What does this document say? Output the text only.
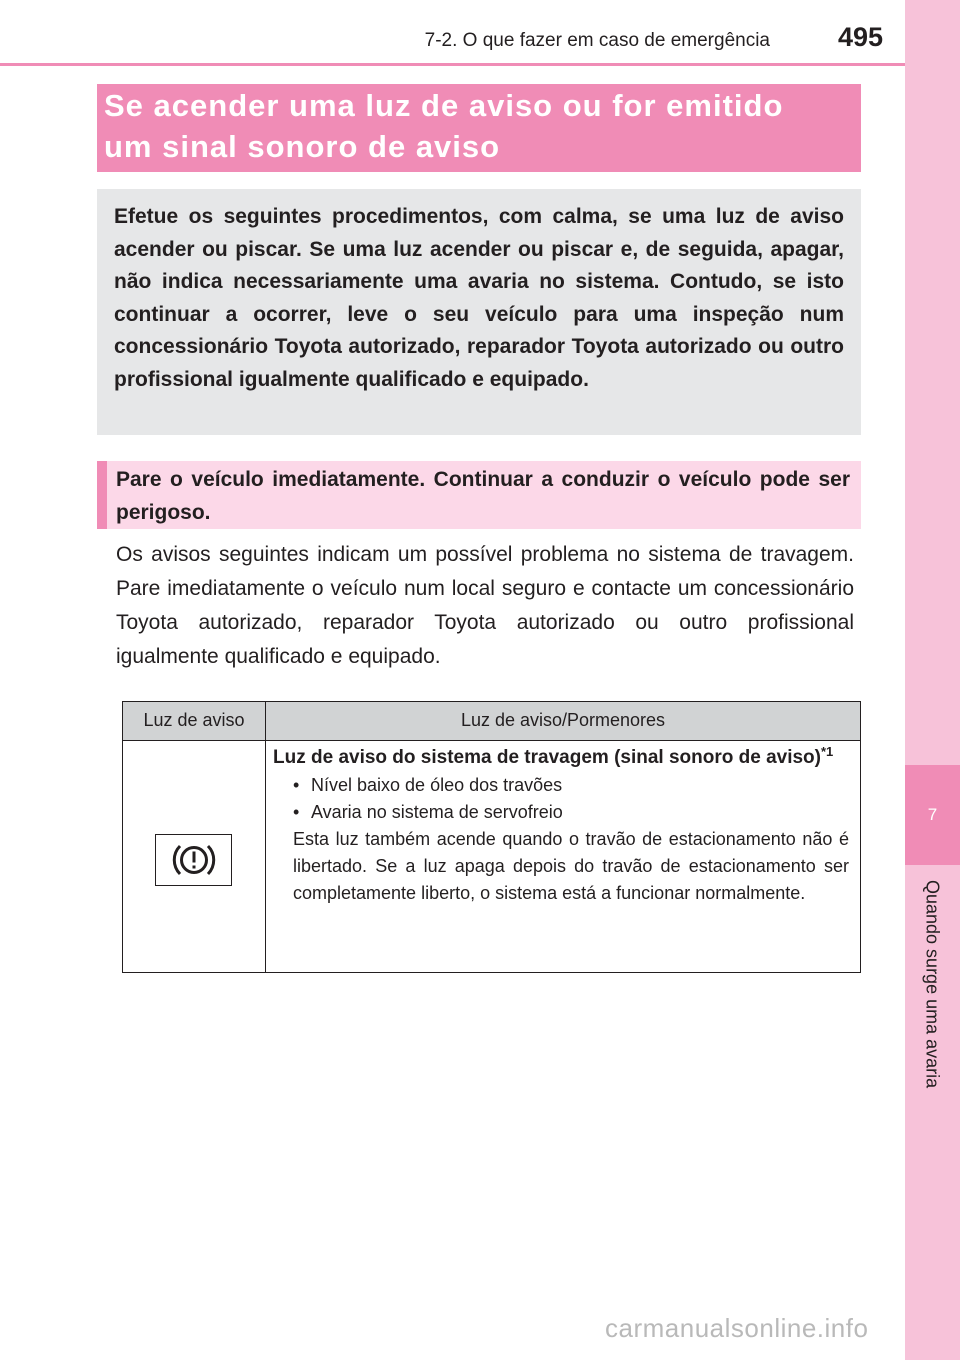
7-2. O que fazer em caso de emergência	495
7
Quando surge uma avaria
Se acender uma luz de aviso ou for emitido
um sinal sonoro de aviso
Efetue os seguintes procedimentos, com calma, se uma luz de aviso acender ou piscar. Se uma luz acender ou piscar e, de seguida, apagar, não indica necessariamente uma avaria no sistema. Contudo, se isto continuar a ocorrer, leve o seu veículo para uma inspeção num concessionário Toyota autorizado, reparador Toyota autorizado ou outro profissional igualmente qualificado e equipado.
Pare o veículo imediatamente. Continuar a conduzir o veículo pode ser perigoso.
Os avisos seguintes indicam um possível problema no sistema de travagem. Pare imediatamente o veículo num local seguro e contacte um concessionário Toyota autorizado, reparador Toyota autorizado ou outro profissional igualmente qualificado e equipado.
Luz de aviso	Luz de aviso/Pormenores
Luz de aviso do sistema de travagem (sinal sonoro de aviso)$^{*1}$
• Nível baixo de óleo dos travões
• Avaria no sistema de servofreio
Esta luz também acende quando o travão de estacionamento não é libertado. Se a luz apaga depois do travão de estacionamento ser completamente liberto, o sistema está a funcionar normalmente.
carmanualsonline.info
